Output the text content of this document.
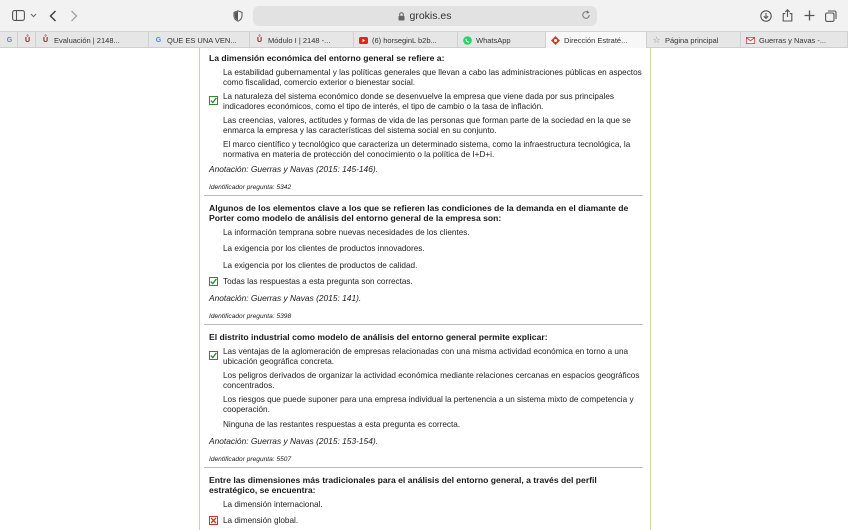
grokis.es
G Ů Ů Evaluación | 2148...	G QUE ES UNA VEN...	Ů Módulo I | 2148 -...	(6) horseginL b2b...	WhatsApp	Dirección Estraté...	☆ Página principal	Guerras y Navas -...
La dimensión económica del entorno general se refiere a:
La estabilidad gubernamental y las políticas generales que llevan a cabo las administraciones públicas en aspectos como fiscalidad, comercio exterior o bienestar social.
La naturaleza del sistema económico donde se desenvuelve la empresa que viene dada por sus principales indicadores económicos, como el tipo de interés, el tipo de cambio o la tasa de inflación.
Las creencias, valores, actitudes y formas de vida de las personas que forman parte de la sociedad en la que se enmarca la empresa y las características del sistema social en su conjunto.
El marco científico y tecnológico que caracteriza un determinado sistema, como la infraestructura tecnológica, la normativa en materia de protección del conocimiento o la política de I+D+i.
Anotación: Guerras y Navas (2015: 145-146).
Identificador pregunta: 5342
Algunos de los elementos clave a los que se refieren las condiciones de la demanda en el diamante de Porter como modelo de análisis del entorno general de la empresa son:
La información temprana sobre nuevas necesidades de los clientes.
La exigencia por los clientes de productos innovadores.
La exigencia por los clientes de productos de calidad.
Todas las respuestas a esta pregunta son correctas.
Anotación: Guerras y Navas (2015: 141).
Identificador pregunta: 5398
El distrito industrial como modelo de análisis del entorno general permite explicar:
Las ventajas de la aglomeración de empresas relacionadas con una misma actividad económica en torno a una ubicación geográfica concreta.
Los peligros derivados de organizar la actividad económica mediante relaciones cercanas en espacios geográficos concentrados.
Los riesgos que puede suponer para una empresa individual la pertenencia a un sistema mixto de competencia y cooperación.
Ninguna de las restantes respuestas a esta pregunta es correcta.
Anotación: Guerras y Navas (2015: 153-154).
Identificador pregunta: 5507
Entre las dimensiones más tradicionales para el análisis del entorno general, a través del perfil estratégico, se encuentra:
La dimensión internacional.
La dimensión global.
